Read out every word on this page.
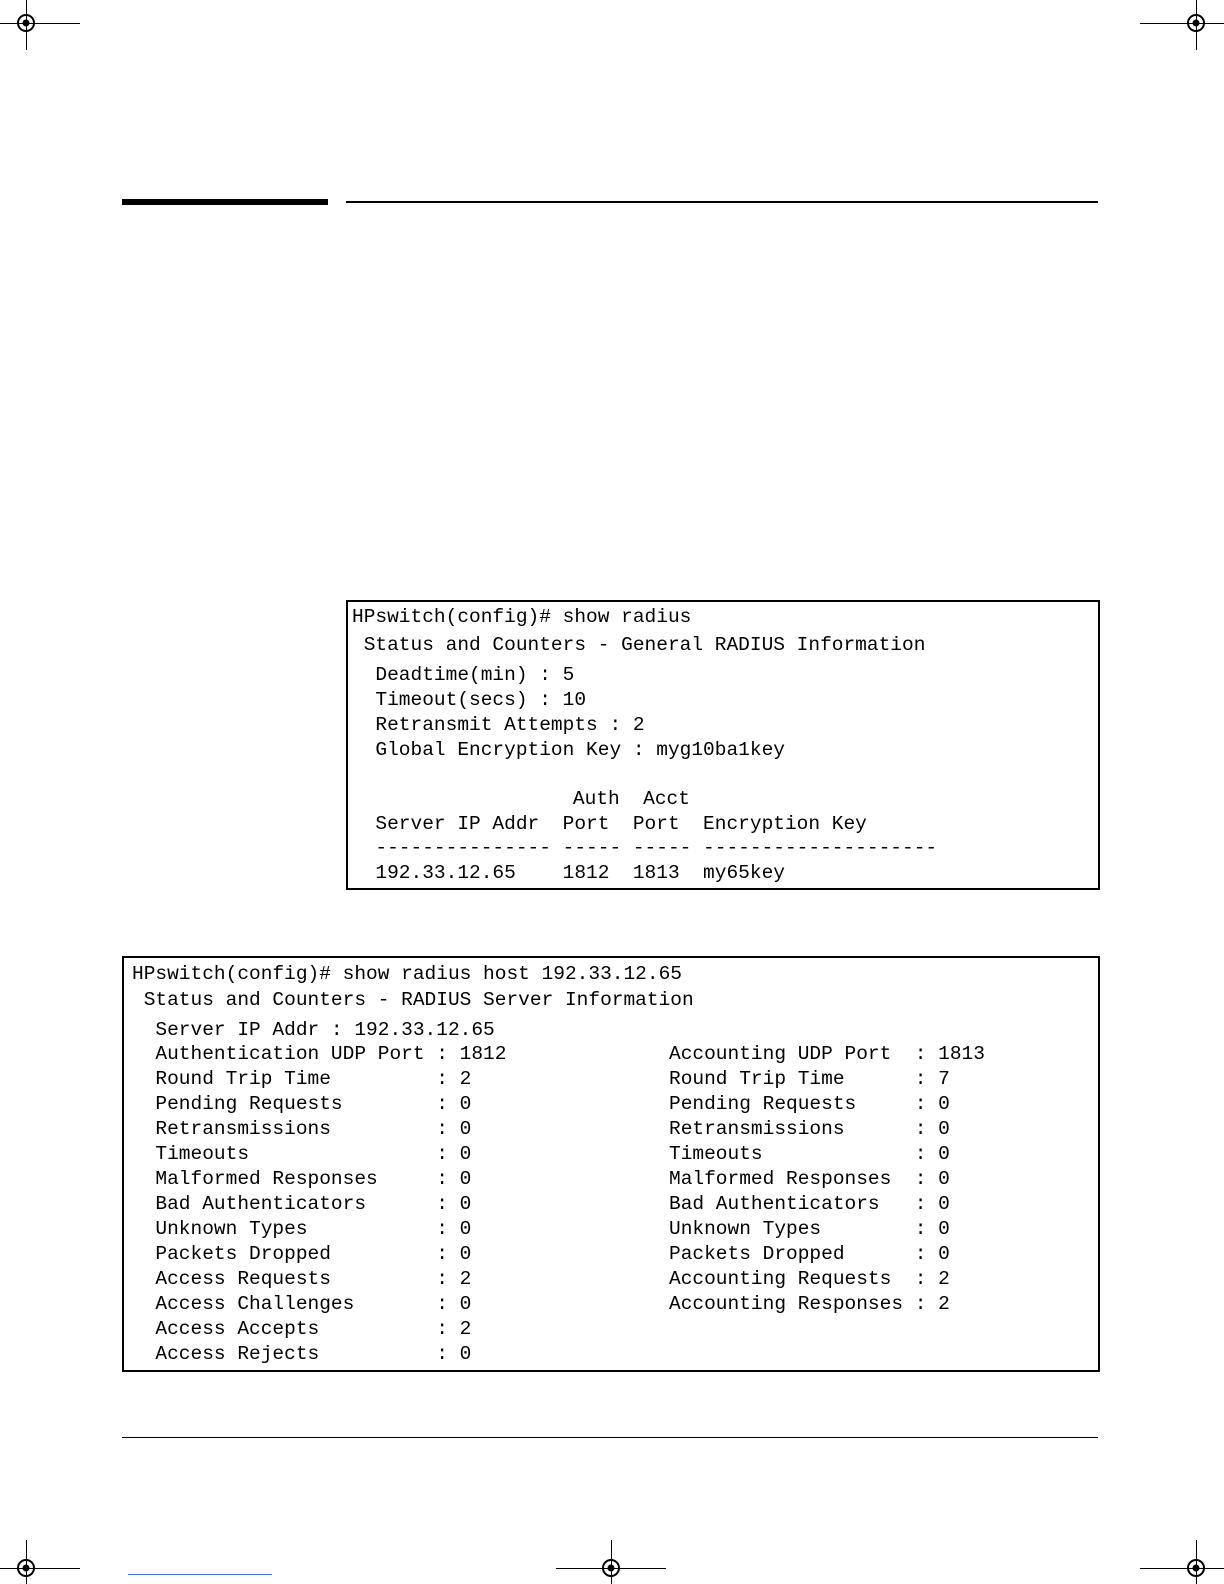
HPswitch(config)# show radius
Status and Counters - General RADIUS Information
Deadtime(min) : 5
Timeout(secs) : 10
Retransmit Attempts : 2
Global Encryption Key : myg10ba1key
Auth  Acct
Server IP Addr  Port  Port  Encryption Key
--------------- ----- ----- --------------------
192.33.12.65    1812  1813  my65key
HPswitch(config)# show radius host 192.33.12.65
Status and Counters - RADIUS Server Information
Server IP Addr : 192.33.12.65
Authentication UDP Port : 1812
Round Trip Time         : 2
Pending Requests        : 0
Retransmissions         : 0
Timeouts                : 0
Malformed Responses     : 0
Bad Authenticators      : 0
Unknown Types           : 0
Packets Dropped         : 0
Access Requests         : 2
Access Challenges       : 0
Access Accepts          : 2
Access Rejects          : 0
Accounting UDP Port  : 1813
Round Trip Time      : 7
Pending Requests     : 0
Retransmissions      : 0
Timeouts             : 0
Malformed Responses  : 0
Bad Authenticators   : 0
Unknown Types        : 0
Packets Dropped      : 0
Accounting Requests  : 2
Accounting Responses : 2
